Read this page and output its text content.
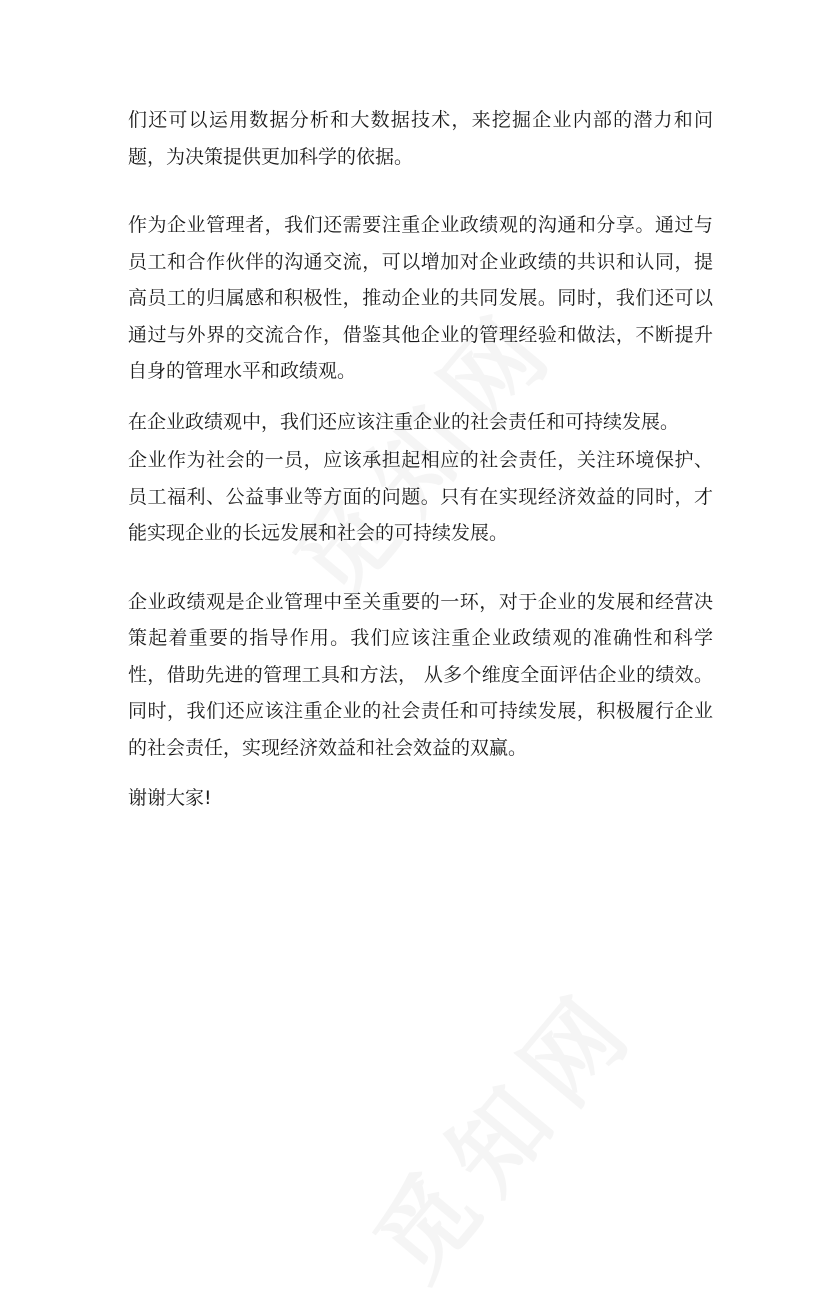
们还可以运用数据分析和大数据技术，来挖掘企业内部的潜力和问题，为决策提供更加科学的依据。

作为企业管理者，我们还需要注重企业政绩观的沟通和分享。通过与员工和合作伙伴的沟通交流，可以增加对企业政绩的共识和认同，提高员工的归属感和积极性，推动企业的共同发展。同时，我们还可以通过与外界的交流合作，借鉴其他企业的管理经验和做法，不断提升自身的管理水平和政绩观。

在企业政绩观中，我们还应该注重企业的社会责任和可持续发展。

企业作为社会的一员，应该承担起相应的社会责任，关注环境保护、员工福利、公益事业等方面的问题。只有在实现经济效益的同时，才能实现企业的长远发展和社会的可持续发展。

企业政绩观是企业管理中至关重要的一环，对于企业的发展和经营决策起着重要的指导作用。我们应该注重企业政绩观的准确性和科学性，借助先进的管理工具和方法， 从多个维度全面评估企业的绩效。同时，我们还应该注重企业的社会责任和可持续发展，积极履行企业的社会责任，实现经济效益和社会效益的双赢。

谢谢大家!
